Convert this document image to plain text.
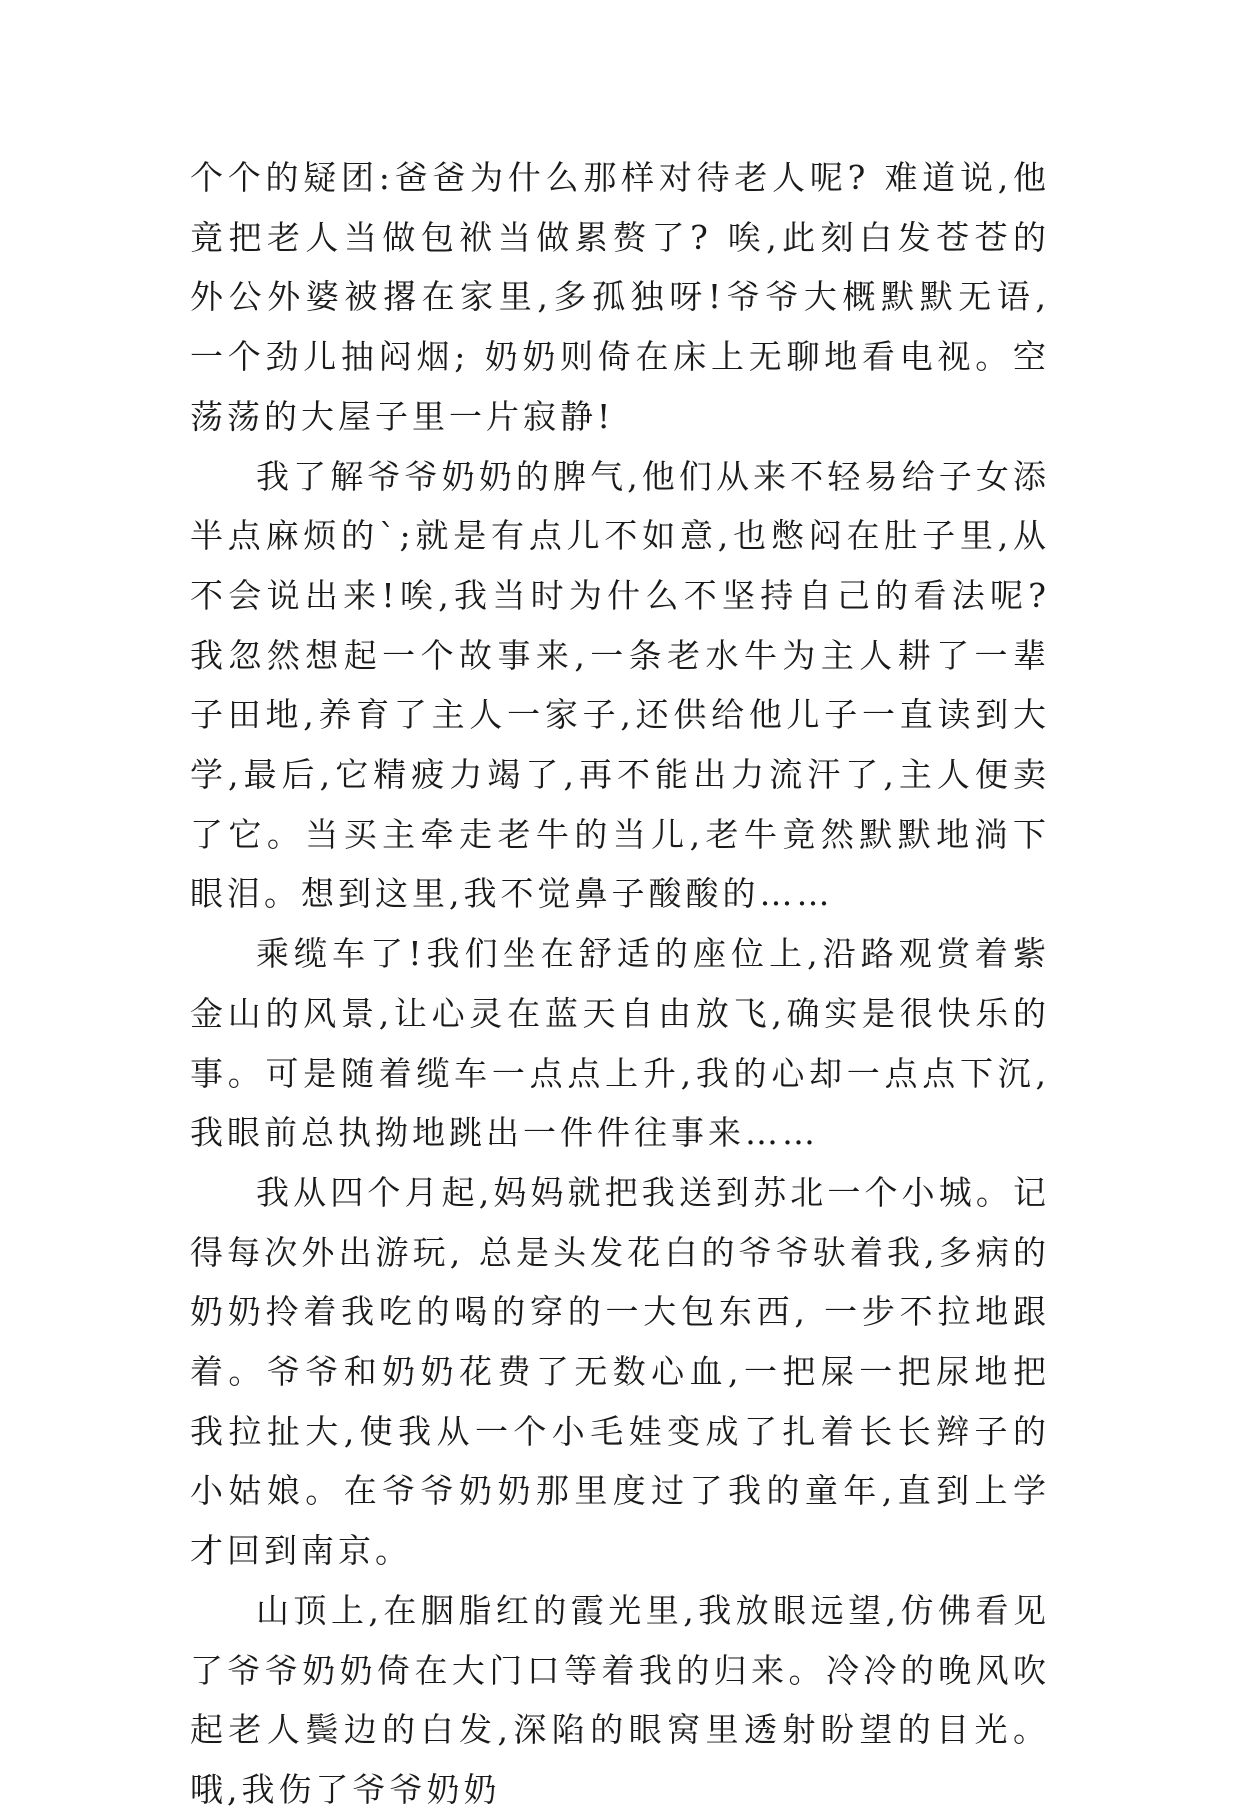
个个的疑团:爸爸为什么那样对待老人呢? 难道说,他竟把老人当做包袱当做累赘了? 唉,此刻白发苍苍的外公外婆被撂在家里,多孤独呀!爷爷大概默默无语,一个劲儿抽闷烟; 奶奶则倚在床上无聊地看电视。空荡荡的大屋子里一片寂静!

我了解爷爷奶奶的脾气,他们从来不轻易给子女添半点麻烦的`;就是有点儿不如意,也憋闷在肚子里,从不会说出来!唉,我当时为什么不坚持自己的看法呢?我忽然想起一个故事来,一条老水牛为主人耕了一辈子田地,养育了主人一家子,还供给他儿子一直读到大学,最后,它精疲力竭了,再不能出力流汗了,主人便卖了它。当买主牵走老牛的当儿,老牛竟然默默地淌下眼泪。想到这里,我不觉鼻子酸酸的……

乘缆车了!我们坐在舒适的座位上,沿路观赏着紫金山的风景,让心灵在蓝天自由放飞,确实是很快乐的事。可是随着缆车一点点上升,我的心却一点点下沉,我眼前总执拗地跳出一件件往事来……

我从四个月起,妈妈就把我送到苏北一个小城。记得每次外出游玩, 总是头发花白的爷爷驮着我,多病的奶奶拎着我吃的喝的穿的一大包东西, 一步不拉地跟着。爷爷和奶奶花费了无数心血,一把屎一把尿地把我拉扯大,使我从一个小毛娃变成了扎着长长辫子的小姑娘。在爷爷奶奶那里度过了我的童年,直到上学才回到南京。

山顶上,在胭脂红的霞光里,我放眼远望,仿佛看见了爷爷奶奶倚在大门口等着我的归来。冷冷的晚风吹起老人鬓边的白发,深陷的眼窝里透射盼望的目光。哦,我伤了爷爷奶奶
